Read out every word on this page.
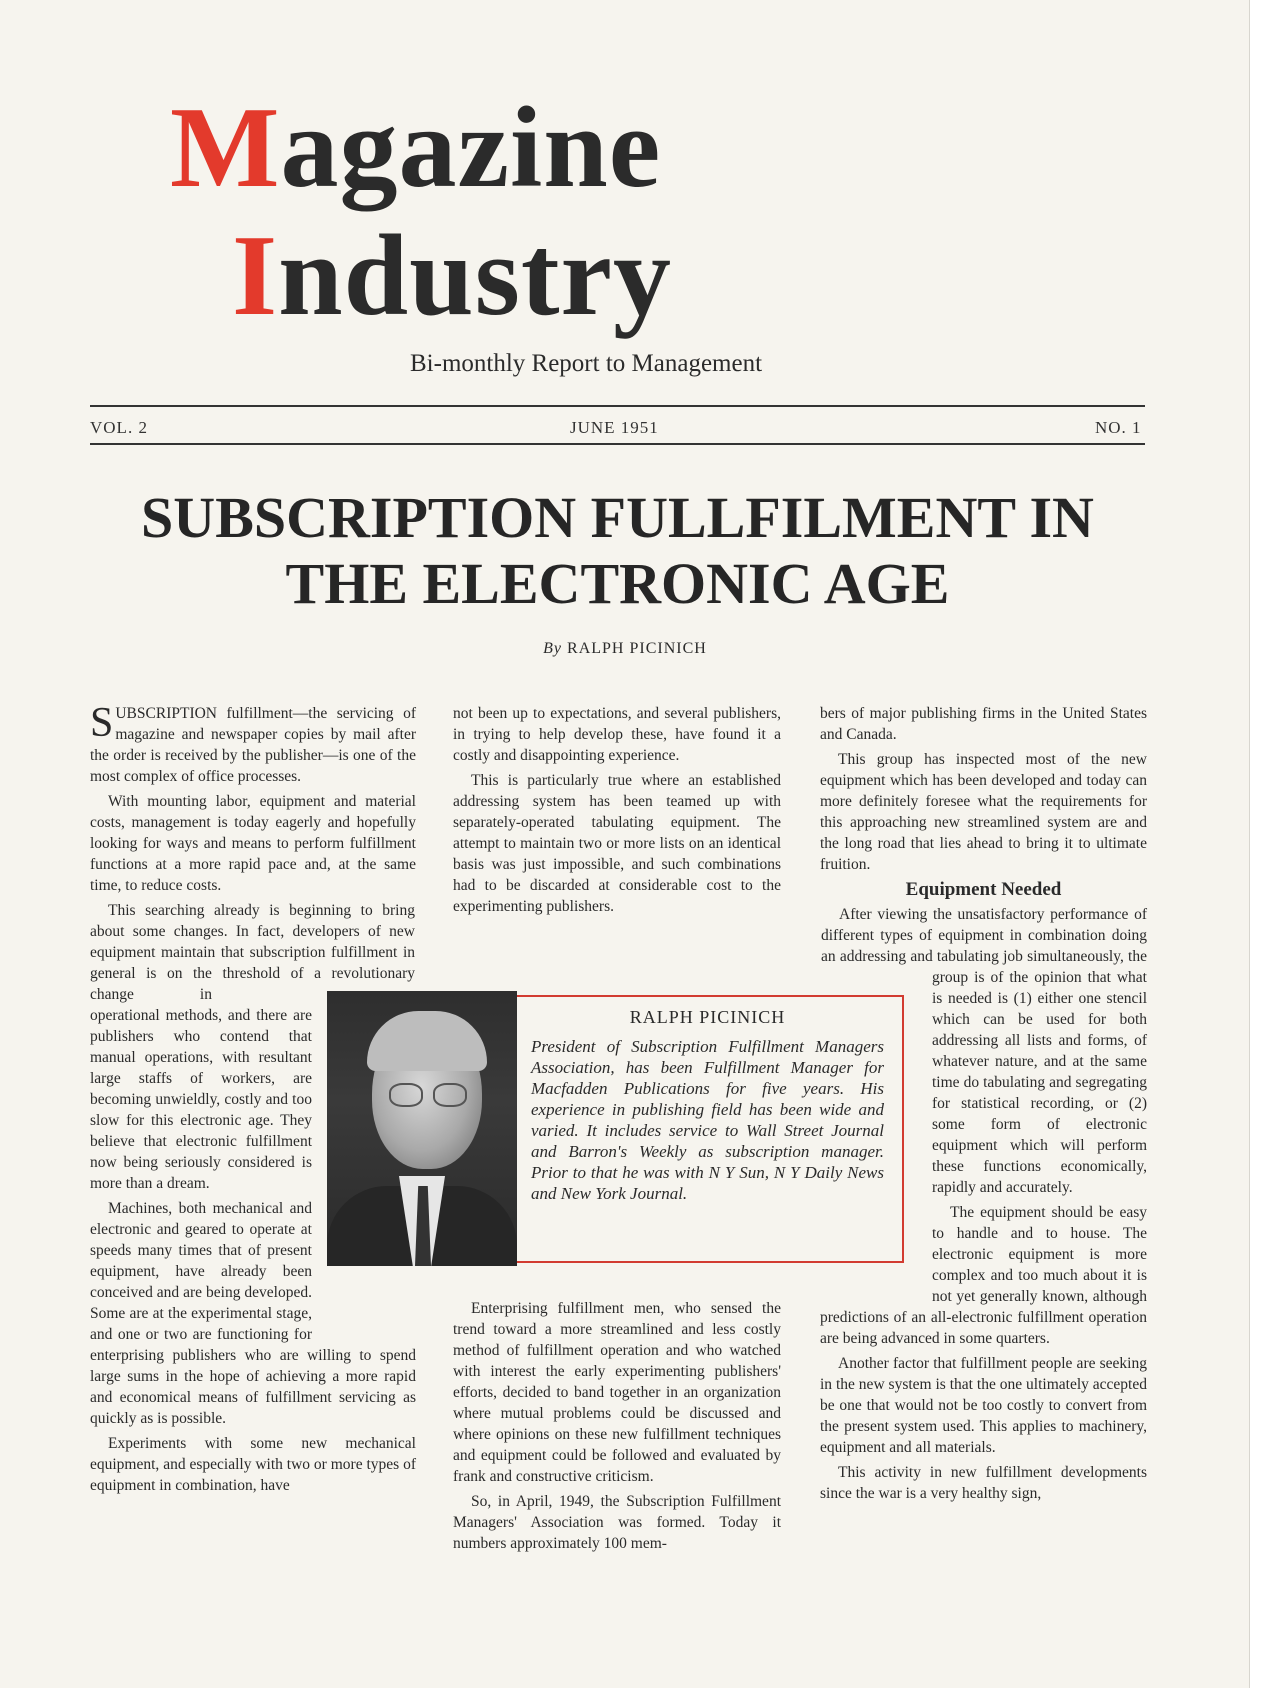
Magazine
Industry
Bi-monthly Report to Management
VOL. 2	JUNE 1951	NO. 1
SUBSCRIPTION FULLFILMENT IN
THE ELECTRONIC AGE
By RALPH PICINICH

SUBSCRIPTION fulfillment—the servicing of magazine and newspaper copies by mail after the order is received by the publisher—is one of the most complex of office processes.

With mounting labor, equipment and material costs, management is today eagerly and hopefully looking for ways and means to perform fulfillment functions at a more rapid pace and, at the same time, to reduce costs.

This searching already is beginning to bring about some changes. In fact, developers of new equipment maintain that subscription fulfillment in general is on the threshold of a revolutionary change in operational methods, and there are publishers who contend that manual operations, with resultant large staffs of workers, are becoming unwieldly, costly and too slow for this electronic age. They believe that electronic fulfillment now being seriously considered is more than a dream.

Machines, both mechanical and electronic and geared to operate at speeds many times that of present equipment, have already been conceived and are being developed. Some are at the experimental stage, and one or two are functioning for enterprising publishers who are willing to spend large sums in the hope of achieving a more rapid and economical means of fulfillment servicing as quickly as is possible.

Experiments with some new mechanical equipment, and especially with two or more types of equipment in combination, have

not been up to expectations, and several publishers, in trying to help develop these, have found it a costly and disappointing experience.

This is particularly true where an established addressing system has been teamed up with separately-operated tabulating equipment. The attempt to maintain two or more lists on an identical basis was just impossible, and such combinations had to be discarded at considerable cost to the experimenting publishers.

RALPH PICINICH
President of Subscription Fulfillment Managers Association, has been Fulfillment Manager for Macfadden Publications for five years. His experience in publishing field has been wide and varied. It includes service to Wall Street Journal and Barron's Weekly as subscription manager. Prior to that he was with N Y Sun, N Y Daily News and New York Journal.

Enterprising fulfillment men, who sensed the trend toward a more streamlined and less costly method of fulfillment operation and who watched with interest the early experimenting publishers' efforts, decided to band together in an organization where mutual problems could be discussed and where opinions on these new fulfillment techniques and equipment could be followed and evaluated by frank and constructive criticism.

So, in April, 1949, the Subscription Fulfillment Managers' Association was formed. Today it numbers approximately 100 mem-

bers of major publishing firms in the United States and Canada.

This group has inspected most of the new equipment which has been developed and today can more definitely foresee what the requirements for this approaching new streamlined system are and the long road that lies ahead to bring it to ultimate fruition.

Equipment Needed

After viewing the unsatisfactory performance of different types of equipment in combination doing an addressing and tabulating job simultaneously, the group is of the opinion that what is needed is (1) either one stencil which can be used for both addressing all lists and forms, of whatever nature, and at the same time do tabulating and segregating for statistical recording, or (2) some form of electronic equipment which will perform these functions economically, rapidly and accurately.

The equipment should be easy to handle and to house. The electronic equipment is more complex and too much about it is not yet generally known, although predictions of an all-electronic fulfillment operation are being advanced in some quarters.

Another factor that fulfillment people are seeking in the new system is that the one ultimately accepted be one that would not be too costly to convert from the present system used. This applies to machinery, equipment and all materials.

This activity in new fulfillment developments since the war is a very healthy sign,
